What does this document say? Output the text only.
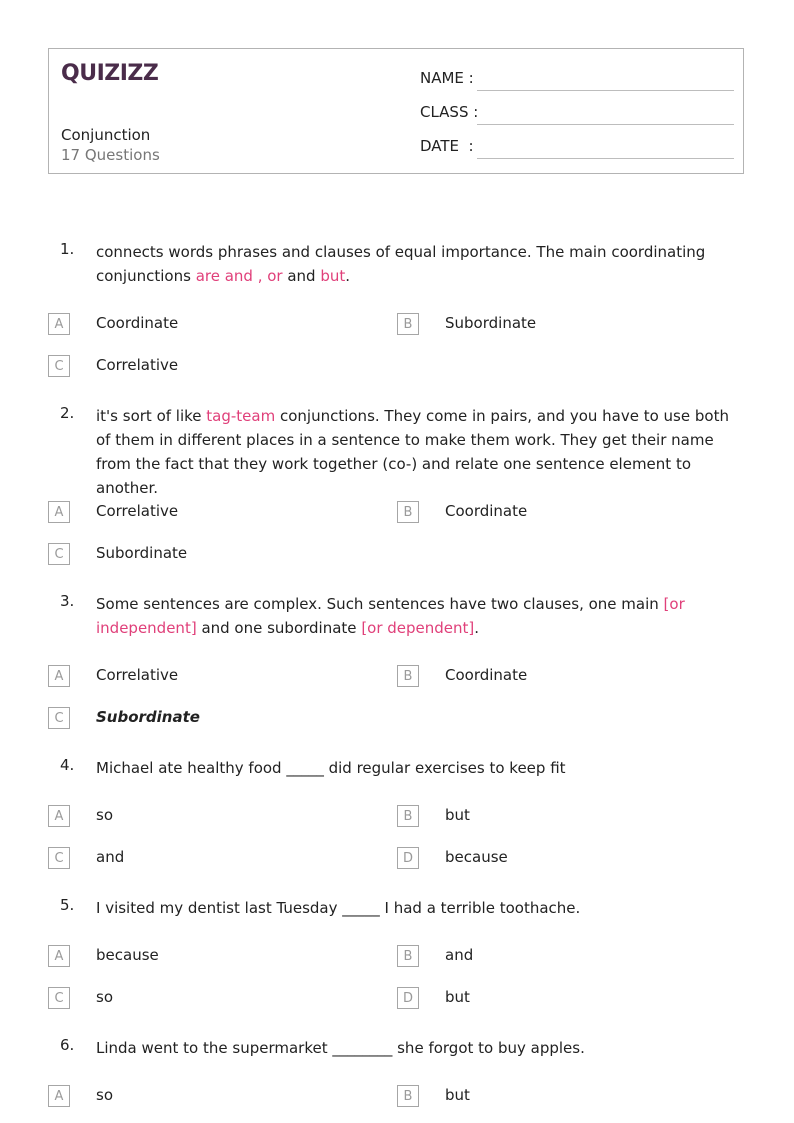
QUIZIZZ
Conjunction
17 Questions
NAME :
CLASS :
DATE  :
1. connects words phrases and clauses of equal importance. The main coordinating conjunctions are and , or and but.
A	Coordinate	B	Subordinate
C	Correlative
2. it's sort of like tag-team conjunctions. They come in pairs, and you have to use both of them in different places in a sentence to make them work. They get their name from the fact that they work together (co-) and relate one sentence element to another.
A	Correlative	B	Coordinate
C	Subordinate
3. Some sentences are complex. Such sentences have two clauses, one main [or independent] and one subordinate [or dependent].
A	Correlative	B	Coordinate
C	Subordinate
4. Michael ate healthy food _____ did regular exercises to keep fit
A	so	B	but
C	and	D	because
5. I visited my dentist last Tuesday _____ I had a terrible toothache.
A	because	B	and
C	so	D	but
6. Linda went to the supermarket ________ she forgot to buy apples.
A	so	B	but
